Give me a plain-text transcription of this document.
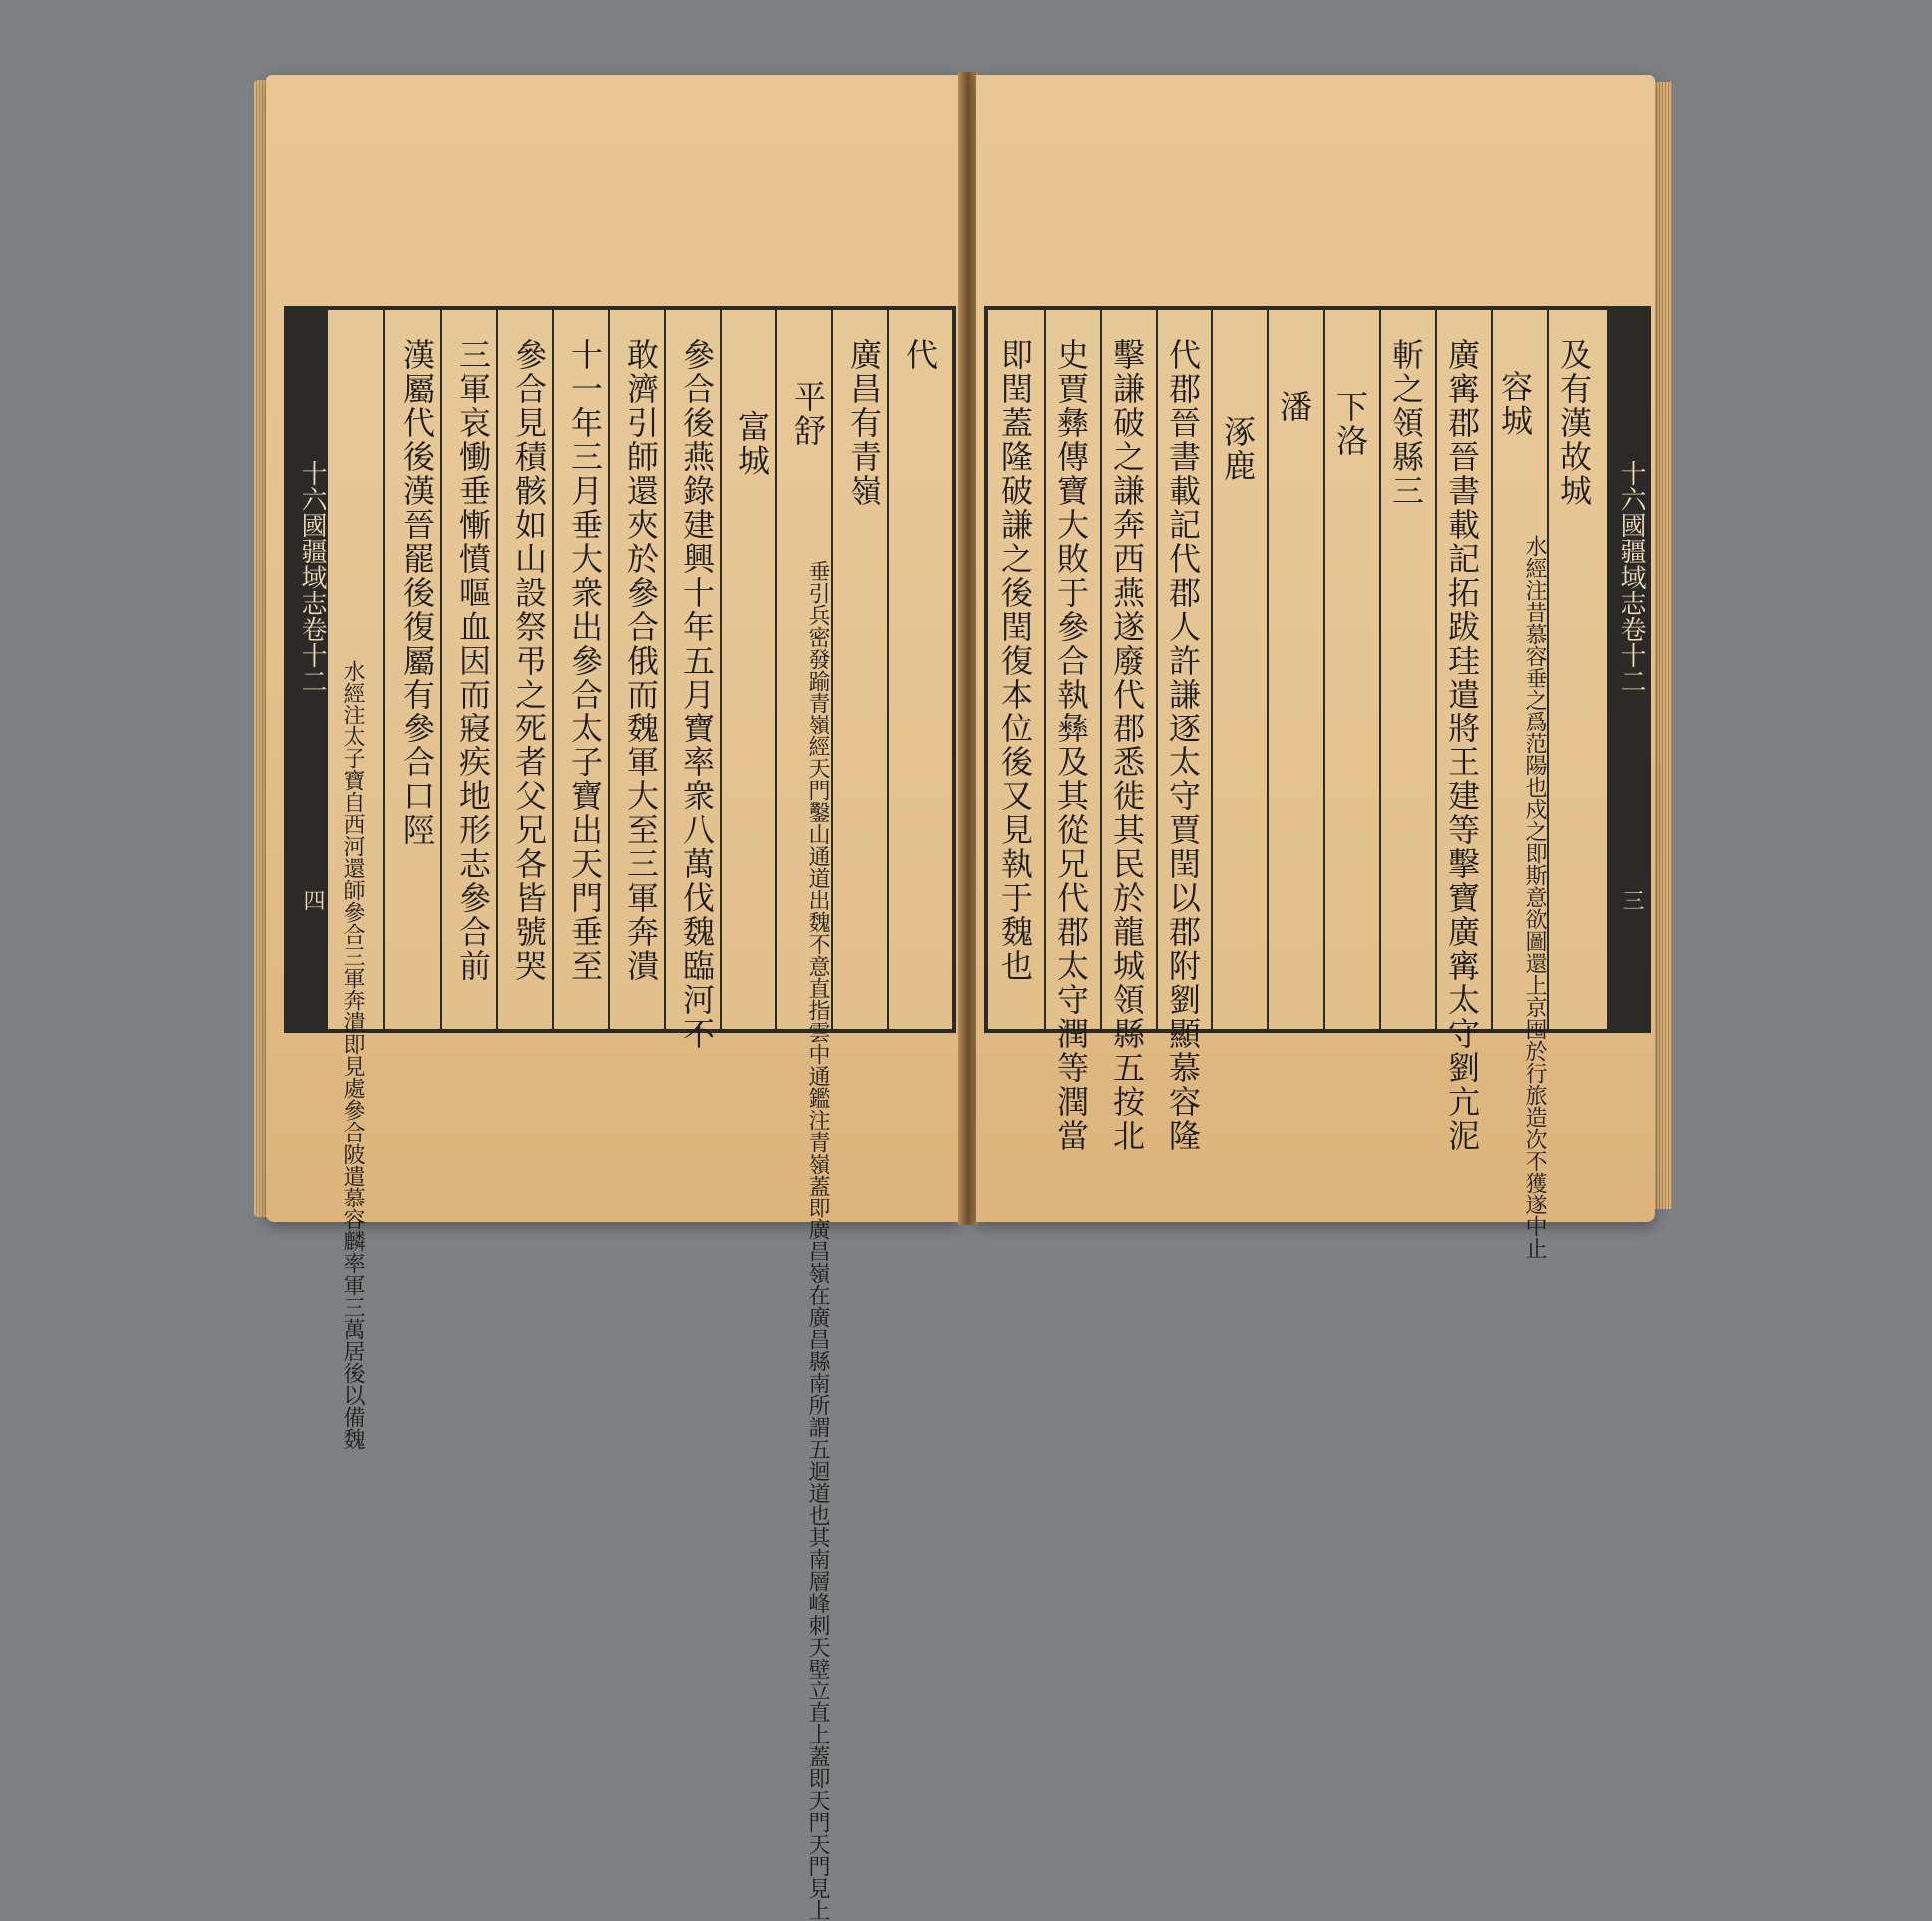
十六國疆域志卷十二
四
代
廣昌有青嶺
垂引兵密發踰青嶺經天門鑿山通道出魏不意直指雲中通鑑注青嶺蓋即廣昌嶺在廣昌縣南所謂五迴道也其南層峰刺天壁立直上蓋即天門天門見上
平舒
富城
參合後燕錄建興十年五月寶率衆八萬伐魏臨河不
敢濟引師還夾於參合俄而魏軍大至三軍奔潰
十一年三月垂大衆出參合太子寶出天門垂至
參合見積骸如山設祭弔之死者父兄各皆號哭
三軍哀慟垂慚憤嘔血因而寢疾地形志參合前
漢屬代後漢晉罷後復屬有參合口陘
水經注太子寶自西河還師參合三軍奔潰即見處參合陂遣慕容麟率軍三萬居後以備魏
十六國疆域志卷十二
三
及有漢故城
水經注昔慕容垂之爲范陽也戍之即斯意欲圖還上京囤於行旅造次不獲遂中止
容城
廣寗郡晉書載記拓跋珪遣將王建等擊寶廣寗太守劉亢泥
斬之領縣三
下洛
潘
涿鹿
代郡晉書載記代郡人許謙逐太守賈閏以郡附劉顯慕容隆
擊謙破之謙奔西燕遂廢代郡悉徙其民於龍城領縣五按北
史賈彝傳寶大敗于參合執彝及其從兄代郡太守潤等潤當
即閏蓋隆破謙之後閏復本位後又見執于魏也
